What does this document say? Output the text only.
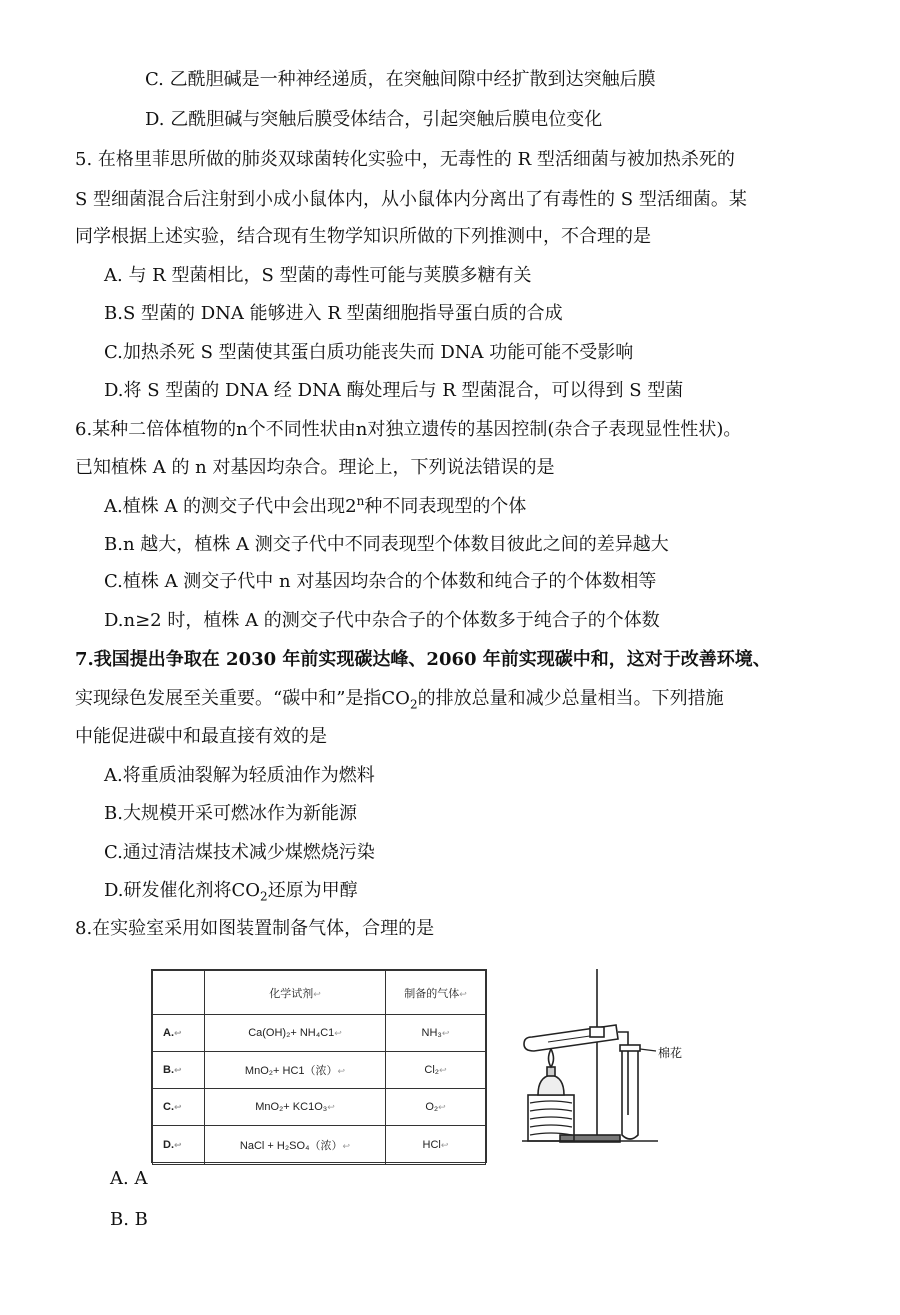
C. 乙酰胆碱是一种神经递质，在突触间隙中经扩散到达突触后膜
D. 乙酰胆碱与突触后膜受体结合，引起突触后膜电位变化
5. 在格里菲思所做的肺炎双球菌转化实验中，无毒性的 R 型活细菌与被加热杀死的
S 型细菌混合后注射到小成小鼠体内，从小鼠体内分离出了有毒性的 S 型活细菌。某
同学根据上述实验，结合现有生物学知识所做的下列推测中，不合理的是
A. 与 R 型菌相比，S 型菌的毒性可能与荚膜多糖有关
B.S 型菌的 DNA 能够进入 R 型菌细胞指导蛋白质的合成
C.加热杀死 S 型菌使其蛋白质功能丧失而 DNA 功能可能不受影响
D.将 S 型菌的 DNA 经 DNA 酶处理后与 R 型菌混合，可以得到 S 型菌
6.某种二倍体植物的n个不同性状由n对独立遗传的基因控制(杂合子表现显性性状)。
已知植株 A 的 n 对基因均杂合。理论上，下列说法错误的是
A.植株 A 的测交子代中会出现2$^n$种不同表现型的个体
B.n 越大，植株 A 测交子代中不同表现型个体数目彼此之间的差异越大
C.植株 A 测交子代中 n 对基因均杂合的个体数和纯合子的个体数相等
D.n≥2 时，植株 A 的测交子代中杂合子的个体数多于纯合子的个体数
7.我国提出争取在 2030 年前实现碳达峰、2060 年前实现碳中和，这对于改善环境、
实现绿色发展至关重要。“碳中和”是指$CO_2$的排放总量和减少总量相当。下列措施
中能促进碳中和最直接有效的是
A.将重质油裂解为轻质油作为燃料
B.大规模开采可燃冰作为新能源
C.通过清洁煤技术减少煤燃烧污染
D.研发催化剂将$CO_2$还原为甲醇
8.在实验室采用如图装置制备气体，合理的是
	化学试剂↩	制备的气体↩
A.↩	Ca(OH)₂+ NH₄C1↩	NH₃↩
B.↩	MnO₂+ HC1（浓）↩	Cl₂↩
C.↩	MnO₂+ KC1O₃↩	O₂↩
D.↩	NaCl + H₂SO₄（浓）↩	HCl↩
棉花
A. A
B. B
